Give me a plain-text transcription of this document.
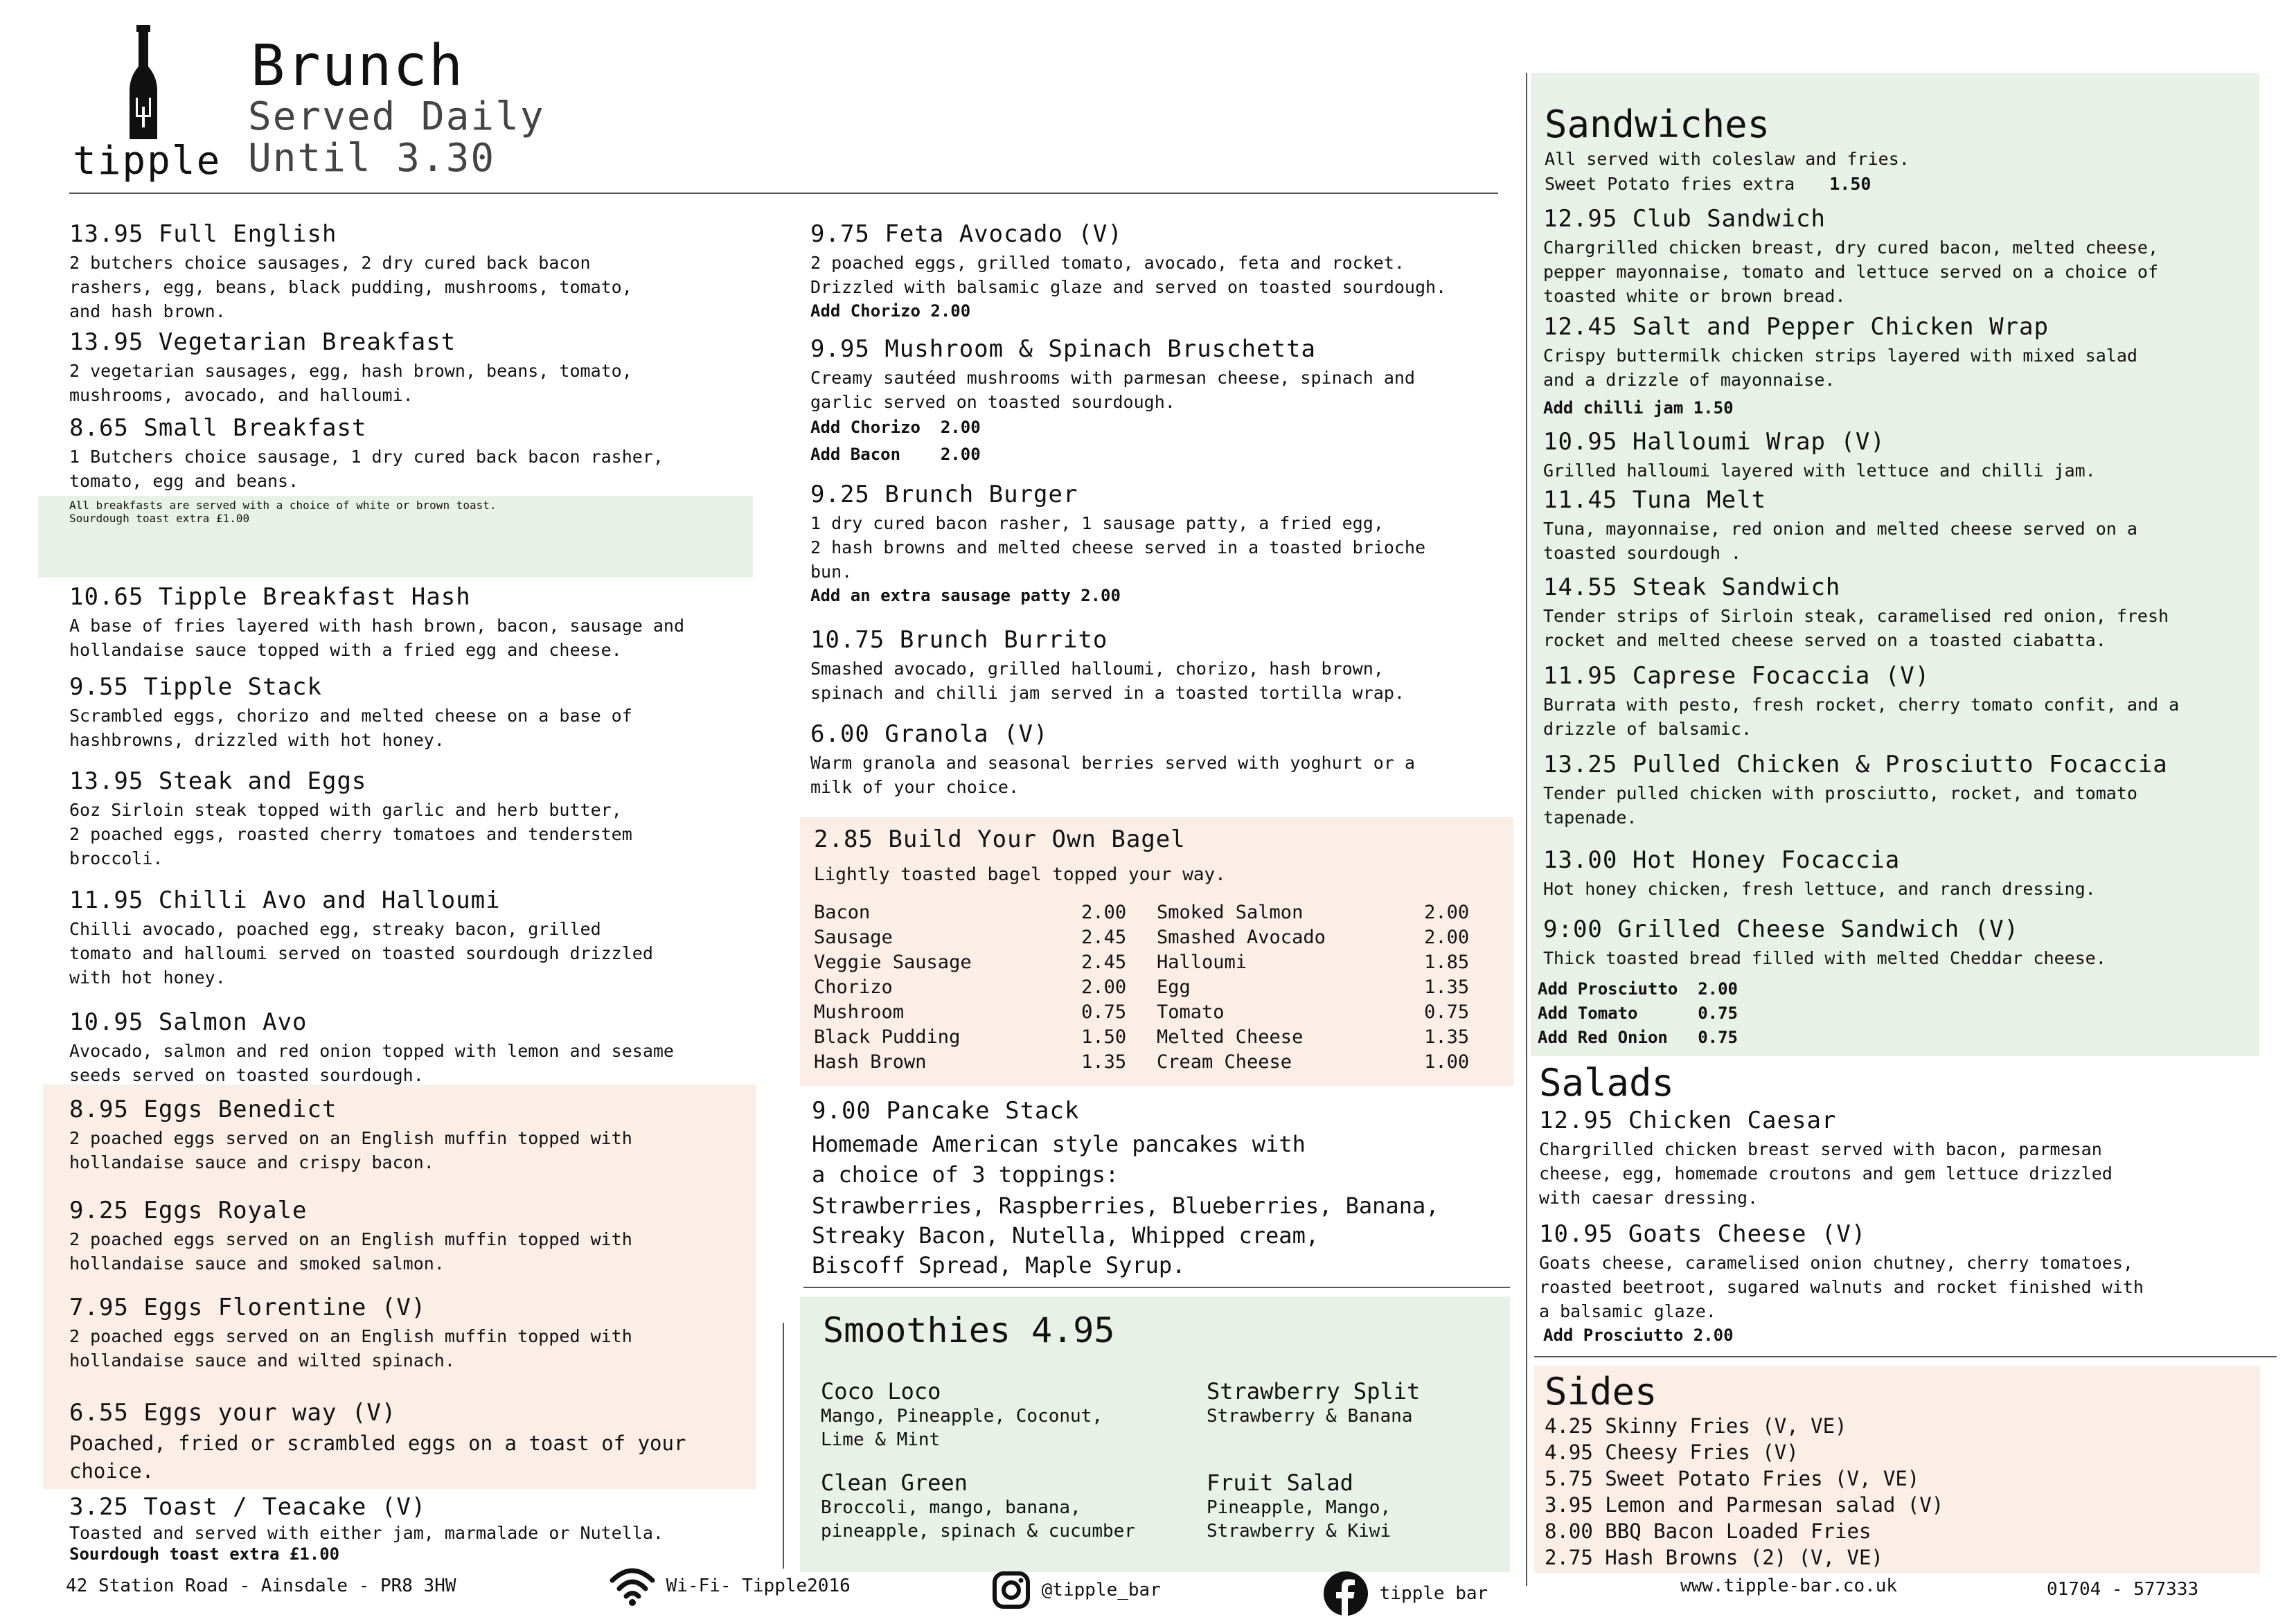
tipple
Brunch
Served Daily
Until 3.30
13.95 Full English
2 butchers choice sausages, 2 dry cured back bacon
rashers, egg, beans, black pudding, mushrooms, tomato,
and hash brown.
13.95 Vegetarian Breakfast
2 vegetarian sausages, egg, hash brown, beans, tomato,
mushrooms, avocado, and halloumi.
8.65 Small Breakfast
1 Butchers choice sausage, 1 dry cured back bacon rasher,
tomato, egg and beans.
All breakfasts are served with a choice of white or brown toast.
Sourdough toast extra £1.00
10.65 Tipple Breakfast Hash
A base of fries layered with hash brown, bacon, sausage and
hollandaise sauce topped with a fried egg and cheese.
9.55 Tipple Stack
Scrambled eggs, chorizo and melted cheese on a base of
hashbrowns, drizzled with hot honey.
13.95 Steak and Eggs
6oz Sirloin steak topped with garlic and herb butter,
2 poached eggs, roasted cherry tomatoes and tenderstem
broccoli.
11.95 Chilli Avo and Halloumi
Chilli avocado, poached egg, streaky bacon, grilled
tomato and halloumi served on toasted sourdough drizzled
with hot honey.
10.95 Salmon Avo
Avocado, salmon and red onion topped with lemon and sesame
seeds served on toasted sourdough.
8.95 Eggs Benedict
2 poached eggs served on an English muffin topped with
hollandaise sauce and crispy bacon.
9.25 Eggs Royale
2 poached eggs served on an English muffin topped with
hollandaise sauce and smoked salmon.
7.95 Eggs Florentine (V)
2 poached eggs served on an English muffin topped with
hollandaise sauce and wilted spinach.
6.55 Eggs your way (V)
Poached, fried or scrambled eggs on a toast of your
choice.
3.25 Toast / Teacake (V)
Toasted and served with either jam, marmalade or Nutella.
Sourdough toast extra £1.00
9.75 Feta Avocado (V)
2 poached eggs, grilled tomato, avocado, feta and rocket.
Drizzled with balsamic glaze and served on toasted sourdough.
Add Chorizo 2.00
9.95 Mushroom & Spinach Bruschetta
Creamy sautéed mushrooms with parmesan cheese, spinach and
garlic served on toasted sourdough.
Add Chorizo  2.00
Add Bacon    2.00
9.25 Brunch Burger
1 dry cured bacon rasher, 1 sausage patty, a fried egg,
2 hash browns and melted cheese served in a toasted brioche
bun.
Add an extra sausage patty 2.00
10.75 Brunch Burrito
Smashed avocado, grilled halloumi, chorizo, hash brown,
spinach and chilli jam served in a toasted tortilla wrap.
6.00 Granola (V)
Warm granola and seasonal berries served with yoghurt or a
milk of your choice.
2.85 Build Your Own Bagel
Lightly toasted bagel topped your way.
Bacon	2.00
Sausage	2.45
Veggie Sausage	2.45
Chorizo	2.00
Mushroom	0.75
Black Pudding	1.50
Hash Brown	1.35
Smoked Salmon	2.00
Smashed Avocado	2.00
Halloumi	1.85
Egg	1.35
Tomato	0.75
Melted Cheese	1.35
Cream Cheese	1.00
9.00 Pancake Stack
Homemade American style pancakes with
a choice of 3 toppings:
Strawberries, Raspberries, Blueberries, Banana,
Streaky Bacon, Nutella, Whipped cream,
Biscoff Spread, Maple Syrup.
Smoothies 4.95
Coco Loco
Mango, Pineapple, Coconut,
Lime & Mint
Strawberry Split
Strawberry & Banana
Clean Green
Broccoli, mango, banana,
pineapple, spinach & cucumber
Fruit Salad
Pineapple, Mango,
Strawberry & Kiwi
Sandwiches
All served with coleslaw and fries.
Sweet Potato fries extra 1.50
12.95 Club Sandwich
Chargrilled chicken breast, dry cured bacon, melted cheese,
pepper mayonnaise, tomato and lettuce served on a choice of
toasted white or brown bread.
12.45 Salt and Pepper Chicken Wrap
Crispy buttermilk chicken strips layered with mixed salad
and a drizzle of mayonnaise.
Add chilli jam 1.50
10.95 Halloumi Wrap (V)
Grilled halloumi layered with lettuce and chilli jam.
11.45 Tuna Melt
Tuna, mayonnaise, red onion and melted cheese served on a
toasted sourdough .
14.55 Steak Sandwich
Tender strips of Sirloin steak, caramelised red onion, fresh
rocket and melted cheese served on a toasted ciabatta.
11.95 Caprese Focaccia (V)
Burrata with pesto, fresh rocket, cherry tomato confit, and a
drizzle of balsamic.
13.25 Pulled Chicken & Prosciutto Focaccia
Tender pulled chicken with prosciutto, rocket, and tomato
tapenade.
13.00 Hot Honey Focaccia
Hot honey chicken, fresh lettuce, and ranch dressing.
9:00 Grilled Cheese Sandwich (V)
Thick toasted bread filled with melted Cheddar cheese.
Add Prosciutto  2.00
Add Tomato      0.75
Add Red Onion   0.75
Salads
12.95 Chicken Caesar
Chargrilled chicken breast served with bacon, parmesan
cheese, egg, homemade croutons and gem lettuce drizzled
with caesar dressing.
10.95 Goats Cheese (V)
Goats cheese, caramelised onion chutney, cherry tomatoes,
roasted beetroot, sugared walnuts and rocket finished with
a balsamic glaze.
Add Prosciutto 2.00
Sides
4.25 Skinny Fries (V, VE)
4.95 Cheesy Fries (V)
5.75 Sweet Potato Fries (V, VE)
3.95 Lemon and Parmesan salad (V)
8.00 BBQ Bacon Loaded Fries
2.75 Hash Browns (2) (V, VE)
42 Station Road - Ainsdale - PR8 3HW	Wi-Fi- Tipple2016	@tipple_bar	tipple bar	www.tipple-bar.co.uk	01704 - 577333
